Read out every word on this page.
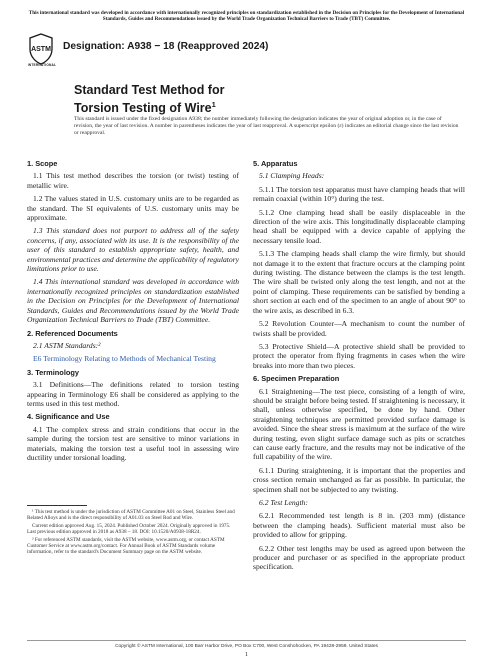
This international standard was developed in accordance with internationally recognized principles on standardization established in the Decision on Principles for the Development of International Standards, Guides and Recommendations issued by the World Trade Organization Technical Barriers to Trade (TBT) Committee.
ASTM
INTERNATIONAL
Designation: A938 − 18 (Reapproved 2024)
Standard Test Method for
Torsion Testing of Wire$^1$
This standard is issued under the fixed designation A938; the number immediately following the designation indicates the year of original adoption or, in the case of revision, the year of last revision. A number in parentheses indicates the year of last reapproval. A superscript epsilon (ε) indicates an editorial change since the last revision or reapproval.
1. Scope
1.1 This test method describes the torsion (or twist) testing of metallic wire.
1.2 The values stated in U.S. customary units are to be regarded as the standard. The SI equivalents of U.S. customary units may be approximate.
1.3 This standard does not purport to address all of the safety concerns, if any, associated with its use. It is the responsibility of the user of this standard to establish appropriate safety, health, and environmental practices and determine the applicability of regulatory limitations prior to use.
1.4 This international standard was developed in accordance with internationally recognized principles on standardization established in the Decision on Principles for the Development of International Standards, Guides and Recommendations issued by the World Trade Organization Technical Barriers to Trade (TBT) Committee.
2. Referenced Documents
2.1 ASTM Standards:²
E6 Terminology Relating to Methods of Mechanical Testing
3. Terminology
3.1 Definitions—The definitions related to torsion testing appearing in Terminology E6 shall be considered as applying to the terms used in this test method.
4. Significance and Use
4.1 The complex stress and strain conditions that occur in the sample during the torsion test are sensitive to minor variations in materials, making the torsion test a useful tool in assessing wire ductility under torsional loading.
5. Apparatus
5.1 Clamping Heads:
5.1.1 The torsion test apparatus must have clamping heads that will remain coaxial (within 10°) during the test.
5.1.2 One clamping head shall be easily displaceable in the direction of the wire axis. This longitudinally displaceable clamping head shall be equipped with a device capable of applying the necessary tensile load.
5.1.3 The clamping heads shall clamp the wire firmly, but should not damage it to the extent that fracture occurs at the clamping point during twisting. The distance between the clamps is the test length. The wire shall be twisted only along the test length, and not at the point of clamping. These requirements can be satisfied by bending a short section at each end of the specimen to an angle of about 90° to the wire axis, as described in 6.3.
5.2 Revolution Counter—A mechanism to count the number of twists shall be provided.
5.3 Protective Shield—A protective shield shall be provided to protect the operator from flying fragments in cases when the wire breaks into more than two pieces.
6. Specimen Preparation
6.1 Straightening—The test piece, consisting of a length of wire, should be straight before being tested. If straightening is necessary, it shall, unless otherwise specified, be done by hand. Other straightening techniques are permitted provided surface damage is avoided. Since the shear stress is maximum at the surface of the wire during testing, even slight surface damage such as pits or scratches can cause early fracture, and the results may not be indicative of the full capability of the wire.
6.1.1 During straightening, it is important that the properties and cross section remain unchanged as far as possible. In particular, the specimen shall not be subjected to any twisting.
6.2 Test Length:
6.2.1 Recommended test length is 8 in. (203 mm) (distance between the clamping heads). Sufficient material must also be provided to allow for gripping.
6.2.2 Other test lengths may be used as agreed upon between the producer and purchaser or as specified in the appropriate product specification.
¹ This test method is under the jurisdiction of ASTM Committee A01 on Steel, Stainless Steel and Related Alloys and is the direct responsibility of A01.03 on Steel Rod and Wire.
Current edition approved Aug. 15, 2024. Published October 2024. Originally approved in 1975. Last previous edition approved in 2018 as A938 – 18. DOI: 10.1520/A0938-18R24.
² For referenced ASTM standards, visit the ASTM website, www.astm.org, or contact ASTM Customer Service at www.astm.org/contact. For Annual Book of ASTM Standards volume information, refer to the standard's Document Summary page on the ASTM website.
Copyright © ASTM International, 100 Barr Harbor Drive, PO Box C700, West Conshohocken, PA 19428-2959. United States
1
